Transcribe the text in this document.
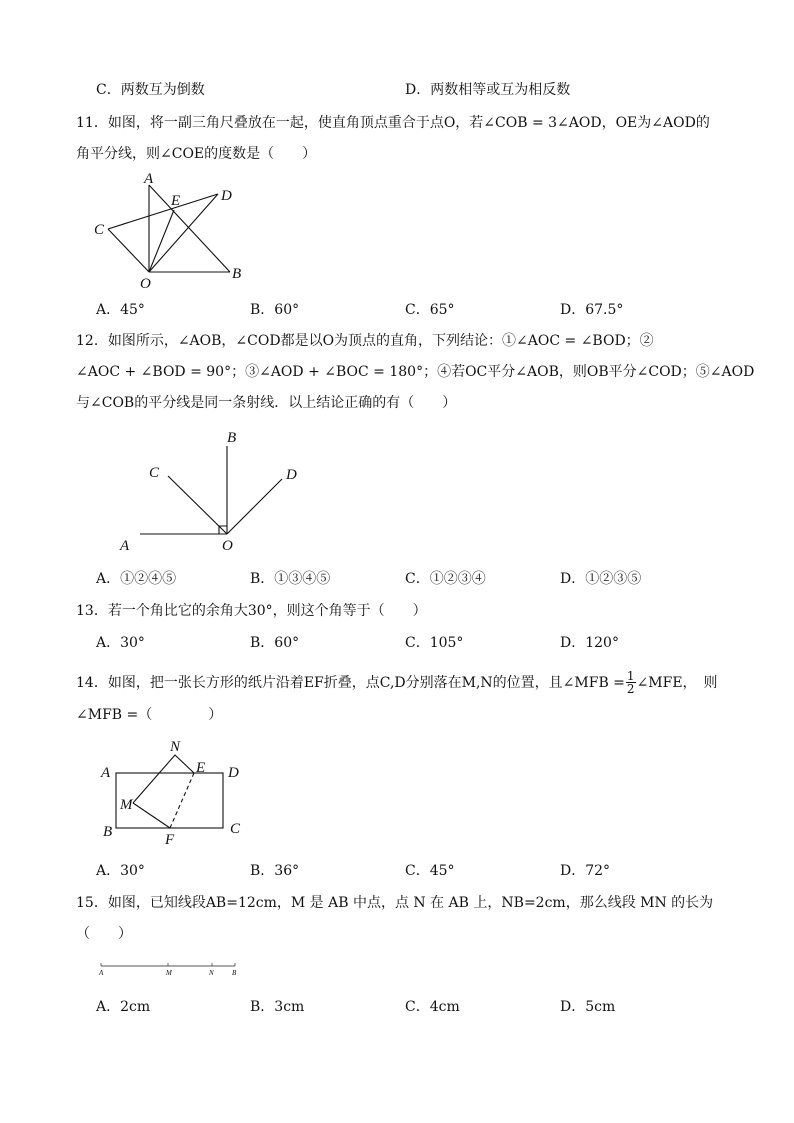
C．两数互为倒数	D．两数相等或互为相反数
11．如图，将一副三角尺叠放在一起，使直角顶点重合于点O，若∠COB = 3∠AOD，OE为∠AOD的
角平分线，则∠COE的度数是（　　）
A
E	D
C
B
O
A．45°	B．60°	C．65°	D．67.5°
12．如图所示，∠AOB，∠COD都是以O为顶点的直角，下列结论：①∠AOC = ∠BOD；②
∠AOC + ∠BOD = 90°；③∠AOD + ∠BOC = 180°；④若OC平分∠AOB，则OB平分∠COD；⑤∠AOD
与∠COB的平分线是同一条射线．以上结论正确的有（　　）
B
C	D
A	O
A．①②④⑤	B．①③④⑤	C．①②③④	D．①②③⑤
13．若一个角比它的余角大30°，则这个角等于（　　）
A．30°	B．60°	C．105°	D．120°
14．如图，把一张长方形的纸片沿着EF折叠，点C,D分别落在M,N的位置，且∠MFB = $\frac{1}{2}$ ∠MFE，　则
∠MFB =（　　　　）
A
N
E D
M
B	F
C
A．30°	B．36°	C．45°	D．72°
15．如图，已知线段AB=12cm，M 是 AB 中点，点 N 在 AB 上，NB=2cm，那么线段 MN 的长为
（　　）
A	M	N	B
A．2cm	B．3cm	C．4cm	D．5cm
